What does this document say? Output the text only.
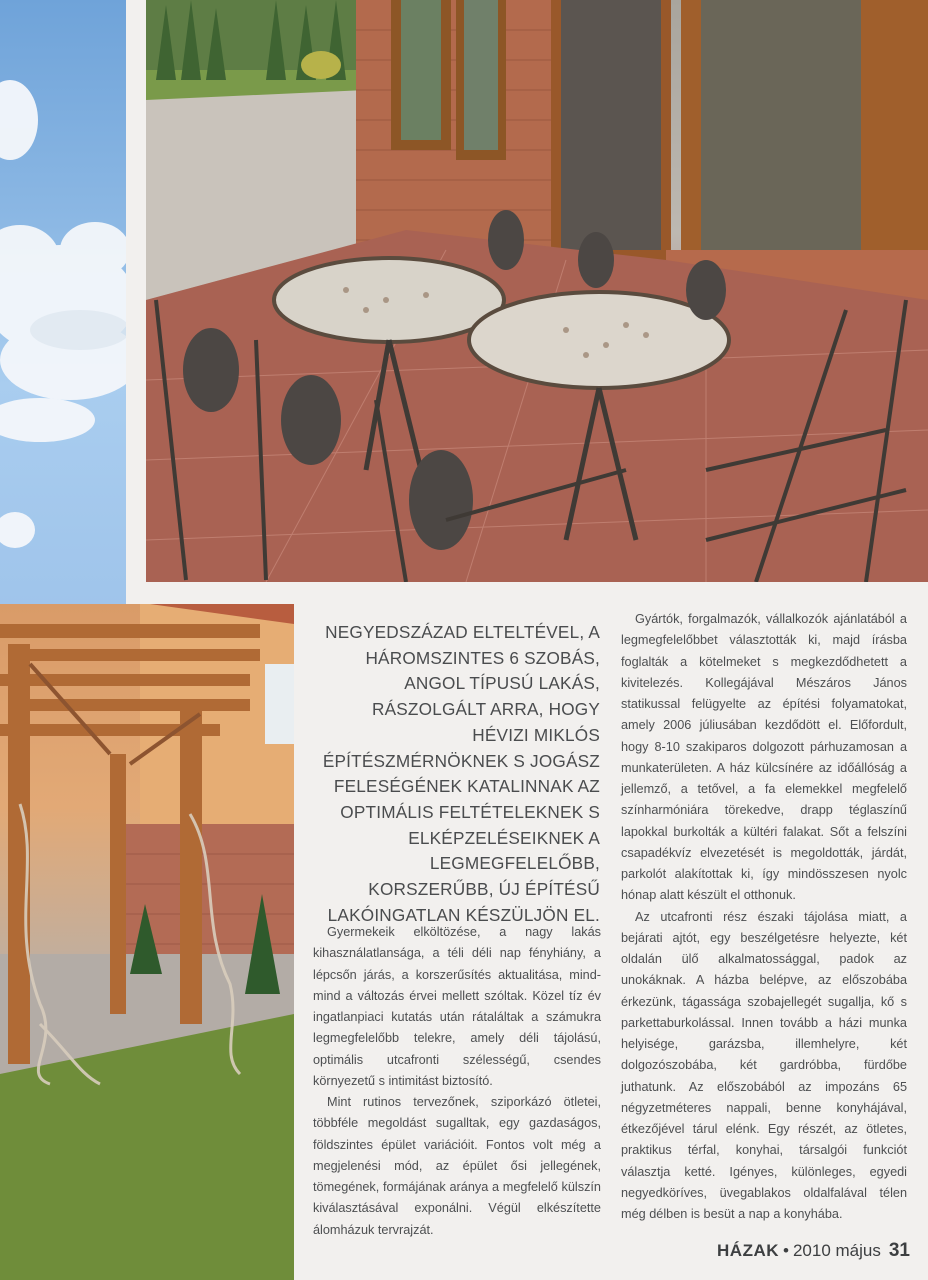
NEGYEDSZÁZAD ELTELTÉVEL, A HÁROMSZINTES 6 SZOBÁS, ANGOL TÍPUSÚ LAKÁS, RÁSZOLGÁLT ARRA, HOGY HÉVIZI MIKLÓS ÉPÍTÉSZMÉRNÖKNEK S JOGÁSZ FELESÉGÉNEK KATALINNAK AZ OPTIMÁLIS FELTÉTELEKNEK S ELKÉPZELÉSEIKNEK A LEGMEGFELELŐBB, KORSZERŰBB, ÚJ ÉPÍTÉSŰ LAKÓINGATLAN KÉSZÜLJÖN EL.

Gyermekeik elköltözése, a nagy lakás kihasználatlansága, a téli déli nap fényhiány, a lépcsőn járás, a korszerűsítés aktualitása, mind-mind a változás érvei mellett szóltak. Közel tíz év ingatlanpiaci kutatás után rátaláltak a számukra legmegfelelőbb telekre, amely déli tájolású, optimális utcafronti szélességű, csendes környezetű s intimitást biztosító.

Mint rutinos tervezőnek, sziporkázó ötletei, többféle megoldást sugalltak, egy gazdaságos, földszintes épület variációit. Fontos volt még a megjelenési mód, az épület ősi jellegének, tömegének, formájának aránya a megfelelő külszín kiválasztásával exponálni. Végül elkészítette álomházuk tervrajzát.

Gyártók, forgalmazók, vállalkozók ajánlatából a legmegfelelőbbet választották ki, majd írásba foglalták a kötelmeket s megkezdődhetett a kivitelezés. Kollegájával Mészáros János statikussal felügyelte az építési folyamatokat, amely 2006 júliusában kezdődött el. Előfordult, hogy 8-10 szakiparos dolgozott párhuzamosan a munkaterületen. A ház külcsínére az időállóság a jellemző, a tetővel, a fa elemekkel megfelelő színharmóniára törekedve, drapp téglaszínű lapokkal burkolták a kültéri falakat. Sőt a felszíni csapadékvíz elvezetését is megoldották, járdát, parkolót alakítottak ki, így mindösszesen nyolc hónap alatt készült el otthonuk.

Az utcafronti rész északi tájolása miatt, a bejárati ajtót, egy beszélgetésre helyezte, két oldalán ülő alkalmatossággal, padok az unokáknak. A házba belépve, az előszobába érkezünk, tágassága szobajellegét sugallja, kő s parkettaburkolással. Innen tovább a házi munka helyisége, garázsba, illemhelyre, két dolgozószobába, két gardróbba, fürdőbe juthatunk. Az előszobából az impozáns 65 négyzetméteres nappali, benne konyhájával, étkezőjével tárul elénk. Egy részét, az ötletes, praktikus térfal, konyhai, társalgói funkciót választja ketté. Igényes, különleges, egyedi negyedköríves, üvegablakos oldalfalával télen még délben is besüt a nap a konyhába.

HÁZAK • 2010 május 31
